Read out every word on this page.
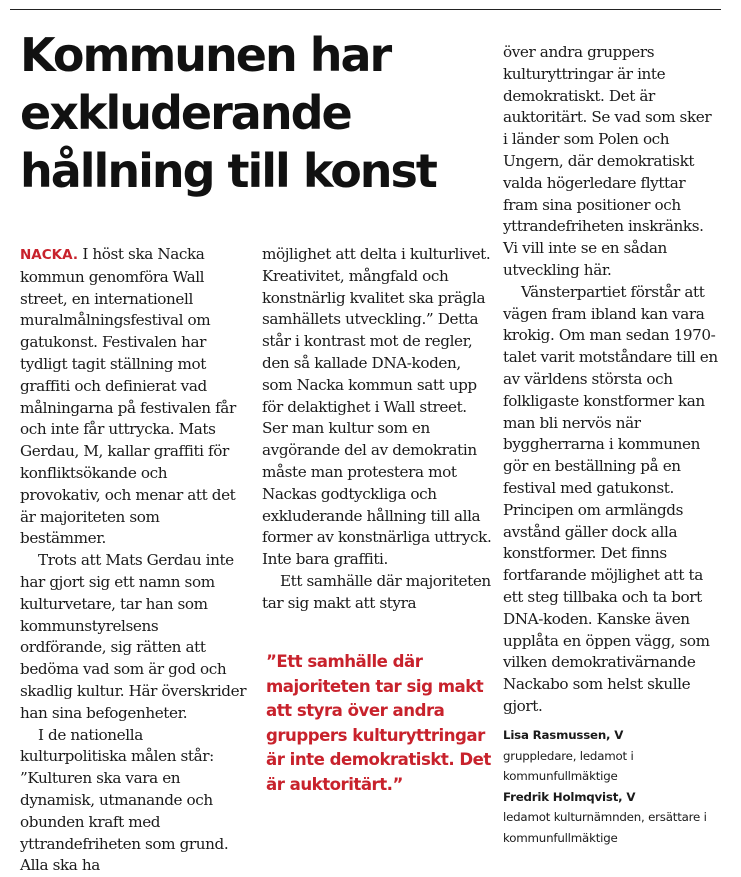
Kommunen har
exkluderande
hållning till konst

NACKA. I höst ska Nacka kommun genomföra Wall street, en internationell muralmålningsfestival om gatukonst. Festivalen har tydligt tagit ställning mot graffiti och definierat vad målningarna på festivalen får och inte får uttrycka. Mats Gerdau, M, kallar graffiti för konfliktsökande och provokativ, och menar att det är majoriteten som bestämmer.

Trots att Mats Gerdau inte har gjort sig ett namn som kulturvetare, tar han som kommunstyrelsens ordförande, sig rätten att bedöma vad som är god och skadlig kultur. Här överskrider han sina befogenheter.

I de nationella kulturpolitiska målen står: ”Kulturen ska vara en dynamisk, utmanande och obunden kraft med yttrandefriheten som grund. Alla ska ha

möjlighet att delta i kulturlivet. Kreativitet, mångfald och konstnärlig kvalitet ska prägla samhällets utveckling.” Detta står i kontrast mot de regler, den så kallade DNA-koden, som Nacka kommun satt upp för delaktighet i Wall street. Ser man kultur som en avgörande del av demokratin måste man protestera mot Nackas godtyckliga och exkluderande hållning till alla former av konstnärliga uttryck. Inte bara graffiti.

Ett samhälle där majoriteten tar sig makt att styra

”Ett samhälle där majoriteten tar sig makt att styra över andra gruppers kulturyttringar är inte demokratiskt. Det är auktoritärt.”

över andra gruppers kulturyttringar är inte demokratiskt. Det är auktoritärt. Se vad som sker i länder som Polen och Ungern, där demokratiskt valda högerledare flyttar fram sina positioner och yttrandefriheten inskränks. Vi vill inte se en sådan utveckling här.

Vänsterpartiet förstår att vägen fram ibland kan vara krokig. Om man sedan 1970-talet varit motståndare till en av världens största och folkligaste konstformer kan man bli nervös när byggherrarna i kommunen gör en beställning på en festival med gatukonst. Principen om armlängds avstånd gäller dock alla konstformer. Det finns fortfarande möjlighet att ta ett steg tillbaka och ta bort DNA-koden. Kanske även upplåta en öppen vägg, som vilken demokrativärnande Nackabo som helst skulle gjort.

Lisa Rasmussen, V
gruppledare, ledamot i kommunfullmäktige
Fredrik Holmqvist, V
ledamot kulturnämnden, ersättare i kommunfullmäktige
